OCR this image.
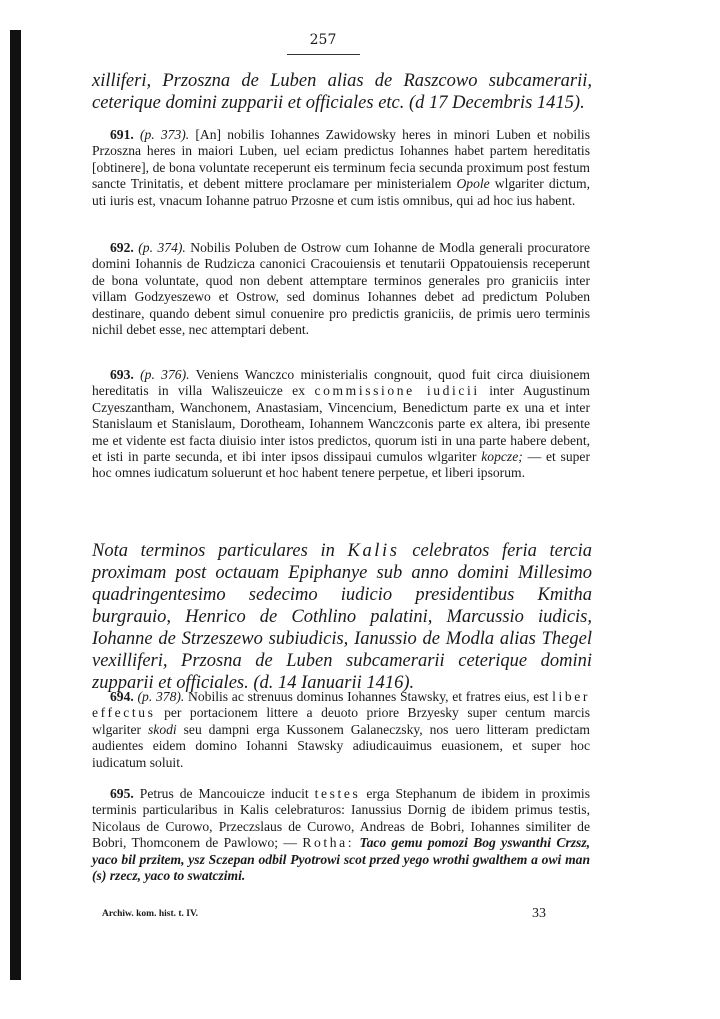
257

xilliferi, Przoszna de Luben alias de Raszcowo subcamerarii, ceterique domini zupparii et officiales etc. (d 17 Decembris 1415).

691. (p. 373). [An] nobilis Iohannes Zawidowsky heres in minori Luben et nobilis Przoszna heres in maiori Luben, uel eciam predictus Iohannes habet partem hereditatis [obtinere], de bona voluntate receperunt eis terminum fecia secunda proximum post festum sancte Trinitatis, et debent mittere proclamare per ministerialem Opole wlgariter dictum, uti iuris est, vnacum Iohanne patruo Przosne et cum istis omnibus, qui ad hoc ius habent.

692. (p. 374). Nobilis Poluben de Ostrow cum Iohanne de Modla generali procuratore domini Iohannis de Rudzicza canonici Cracouiensis et tenutarii Oppatouiensis receperunt de bona voluntate, quod non debent attemptare terminos generales pro graniciis inter villam Godzyeszewo et Ostrow, sed dominus Iohannes debet ad predictum Poluben destinare, quando debent simul conuenire pro predictis graniciis, de primis uero terminis nichil debet esse, nec attemptari debent.

693. (p. 376). Veniens Wanczco ministerialis congnouit, quod fuit circa diuisionem hereditatis in villa Waliszeuicze ex commissione iudicii inter Augustinum Czyeszantham, Wanchonem, Anastasiam, Vincencium, Benedictum parte ex una et inter Stanislaum et Stanislaum, Dorotheam, Iohannem Wanczconis parte ex altera, ibi presente me et vidente est facta diuisio inter istos predictos, quorum isti in una parte habere debent, et isti in parte secunda, et ibi inter ipsos dissipaui cumulos wlgariter kopcze; — et super hoc omnes iudicatum soluerunt et hoc habent tenere perpetue, et liberi ipsorum.

Nota terminos particulares in Kalis celebratos feria tercia proximam post octauam Epiphanye sub anno domini Millesimo quadringentesimo sedecimo iudicio presidentibus Kmitha burgrauio, Henrico de Cothlino palatini, Marcussio iudicis, Iohanne de Strzeszewo subiudicis, Ianussio de Modla alias Thegel vexilliferi, Przosna de Luben subcamerarii ceterique domini zupparii et officiales. (d. 14 Ianuarii 1416).

694. (p. 378). Nobilis ac strenuus dominus Iohannes Stawsky, et fratres eius, est liber effectus per portacionem littere a deuoto priore Brzyesky super centum marcis wlgariter skodi seu dampni erga Kussonem Galaneczsky, nos uero litteram predictam audientes eidem domino Iohanni Stawsky adiudicauimus euasionem, et super hoc iudicatum soluit.

695. Petrus de Mancouicze inducit testes erga Stephanum de ibidem in proximis terminis particularibus in Kalis celebraturos: Ianussius Dornig de ibidem primus testis, Nicolaus de Curowo, Przeczslaus de Curowo, Andreas de Bobri, Iohannes similiter de Bobri, Thomconem de Pawlowo; — Rotha: Taco gemu pomozi Bog yswanthi Crzsz, yaco bil przitem, ysz Sczepan odbil Pyotrowi scot przed yego wrothi gwalthem a owi man (s) rzecz, yaco to swatczimi.

Archiw. kom. hist. t. IV.	33
